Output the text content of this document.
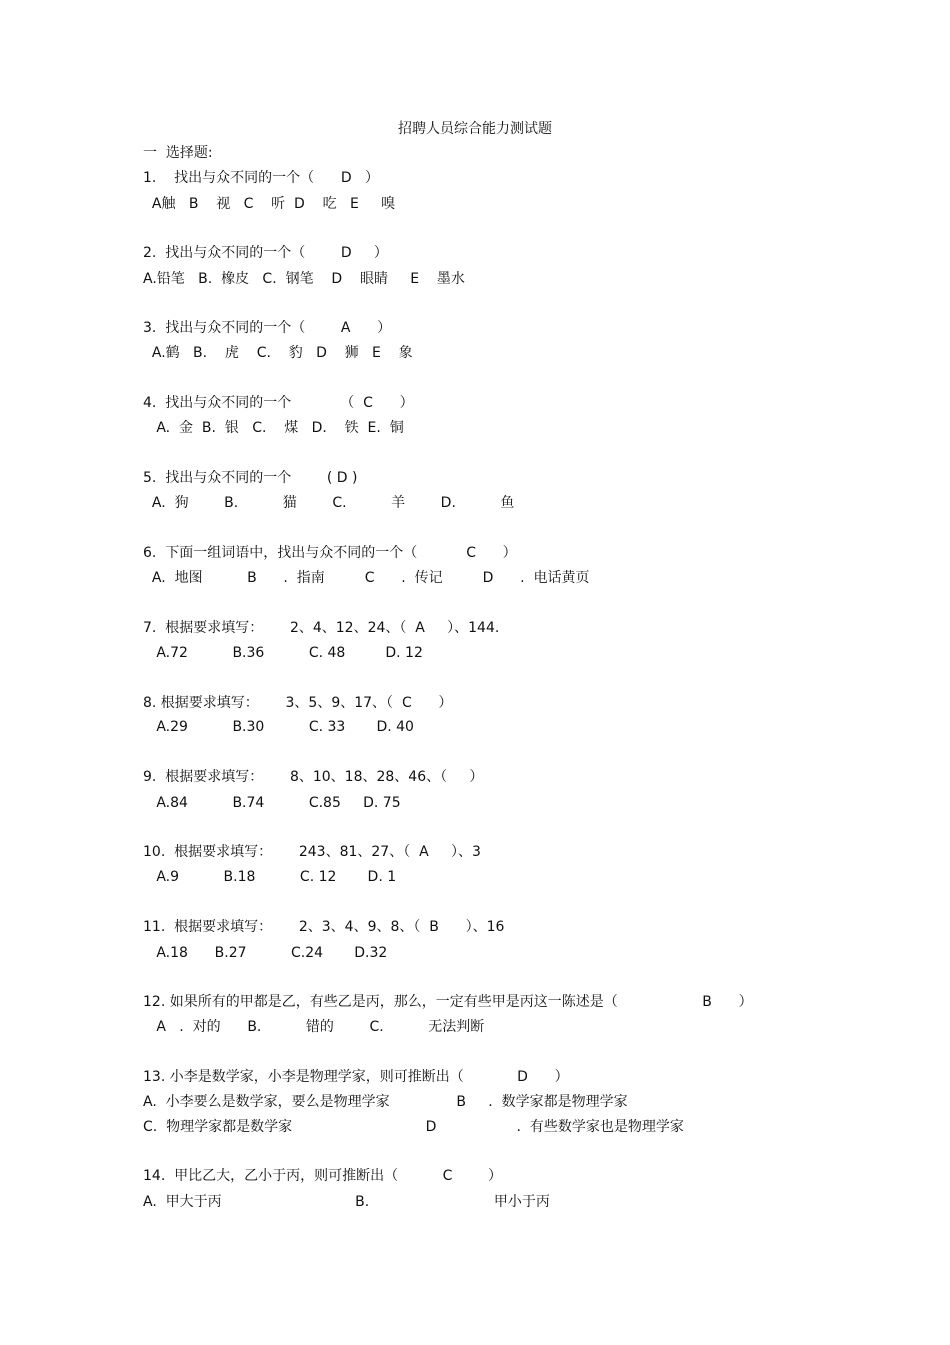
招聘人员综合能力测试题

一  选择题:

1.    找出与众不同的一个（      D   ）

A触   B    视   C    听  D    吃   E     嗅

2.  找出与众不同的一个（        D     ）

A.铅笔   B.  橡皮   C.  钢笔    D    眼睛     E    墨水

3.  找出与众不同的一个（        A      ）

A.鹤   B.    虎    C.    豹   D    狮   E    象

4.  找出与众不同的一个           （  C      ）

A.  金  B.  银   C.    煤   D.    铁  E.  铜

5.  找出与众不同的一个        ( D )

A.  狗        B.          猫        C.          羊        D.          鱼

6.  下面一组词语中，找出与众不同的一个（           C      ）

A.  地图          B      .  指南         C      .  传记         D      .  电话黄页

7.  根据要求填写：      2、4、12、24、（  A     ）、144.

A.72          B.36          C. 48         D. 12

8. 根据要求填写：      3、5、9、17、（  C      ）

A.29          B.30          C. 33       D. 40

9.  根据要求填写：      8、10、18、28、46、（     ）

A.84          B.74          C.85     D. 75

10.  根据要求填写：      243、81、27、（  A     ）、3

A.9          B.18          C. 12       D. 1

11.  根据要求填写：      2、3、4、9、8、（  B      ）、16

A.18      B.27          C.24       D.32

12. 如果所有的甲都是乙，有些乙是丙，那么，一定有些甲是丙这一陈述是（                   B      ）

A   .  对的      B.          错的        C.          无法判断

13. 小李是数学家，小李是物理学家，则可推断出（            D      ）

A.  小李要么是数学家，要么是物理学家               B     .  数学家都是物理学家

C.  物理学家都是数学家                              D                  .  有些数学家也是物理学家

14.  甲比乙大，乙小于丙，则可推断出（          C        ）

A.  甲大于丙                              B.                            甲小于丙
